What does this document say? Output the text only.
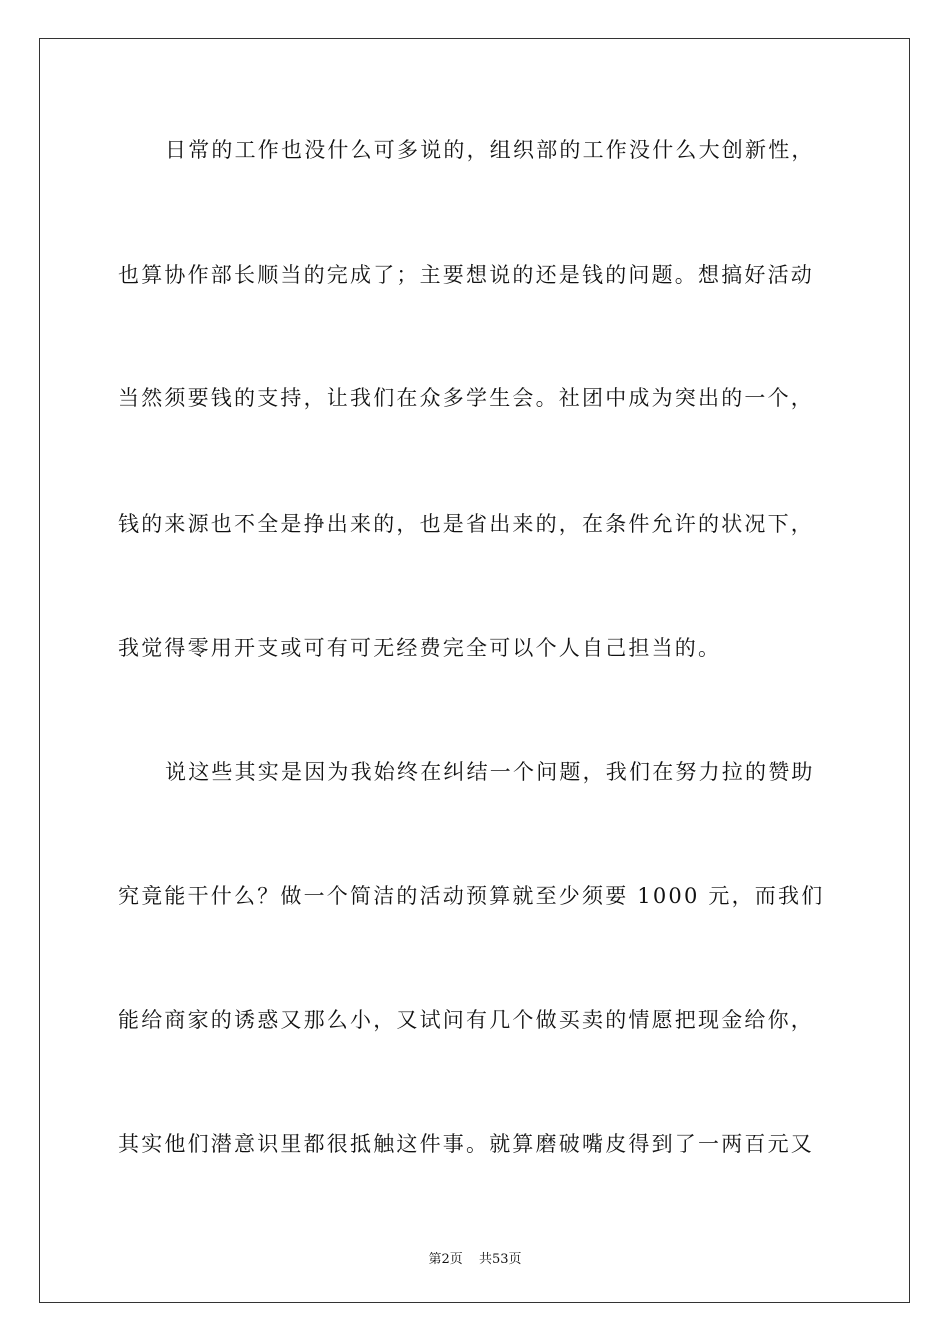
日常的工作也没什么可多说的，组织部的工作没什么大创新性，
也算协作部长顺当的完成了；主要想说的还是钱的问题。想搞好活动
当然须要钱的支持，让我们在众多学生会。社团中成为突出的一个，
钱的来源也不全是挣出来的，也是省出来的，在条件允许的状况下，
我觉得零用开支或可有可无经费完全可以个人自己担当的。
说这些其实是因为我始终在纠结一个问题，我们在努力拉的赞助
究竟能干什么？做一个简洁的活动预算就至少须要 1000 元，而我们
能给商家的诱惑又那么小，又试问有几个做买卖的情愿把现金给你，
其实他们潜意识里都很抵触这件事。就算磨破嘴皮得到了一两百元又
第2页 共53页
